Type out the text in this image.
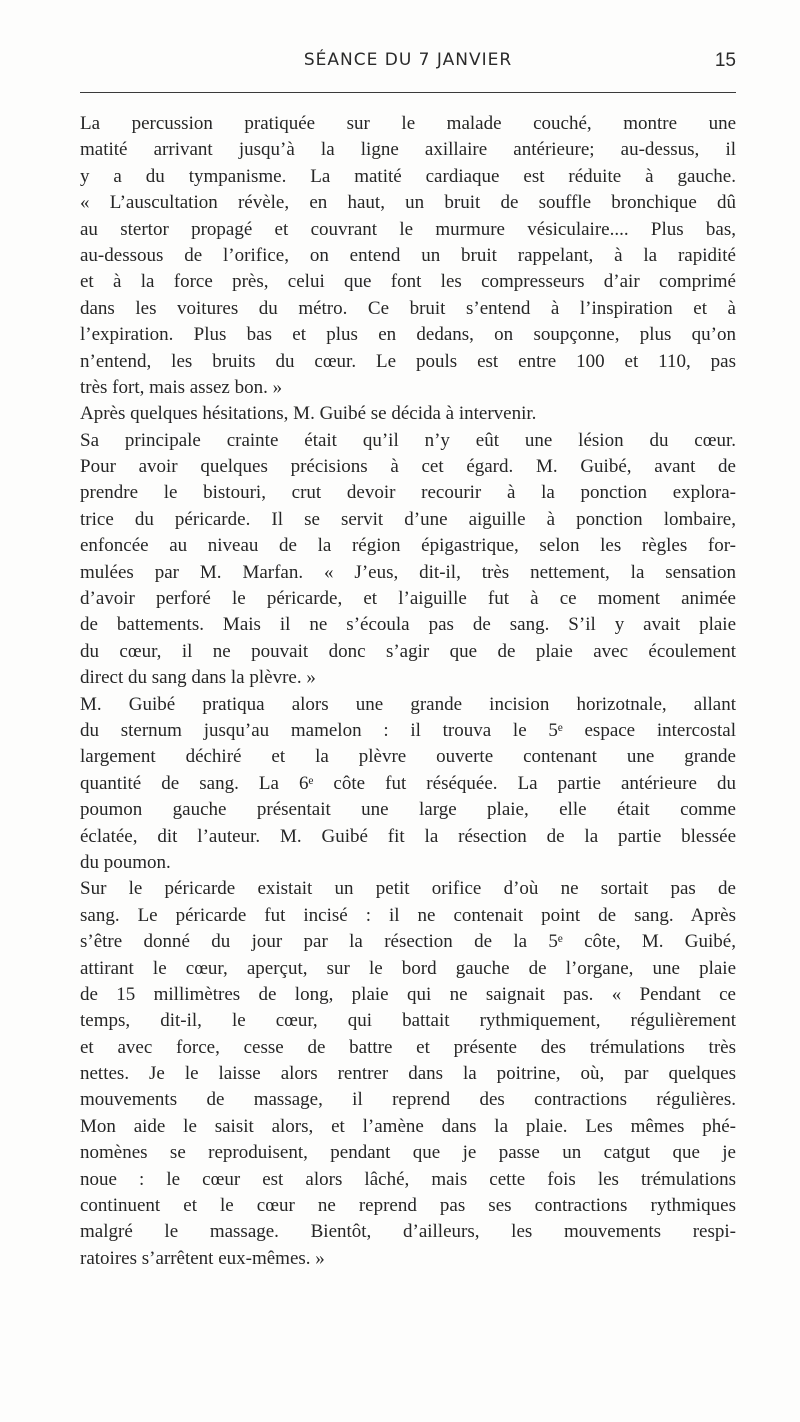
SÉANCE DU 7 JANVIER	15
La percussion pratiquée sur le malade couché, montre une
matité arrivant jusqu’à la ligne axillaire antérieure; au-dessus, il
y a du tympanisme. La matité cardiaque est réduite à gauche.
« L’auscultation révèle, en haut, un bruit de souffle bronchique dû
au stertor propagé et couvrant le murmure vésiculaire.... Plus bas,
au-dessous de l’orifice, on entend un bruit rappelant, à la rapidité
et à la force près, celui que font les compresseurs d’air comprimé
dans les voitures du métro. Ce bruit s’entend à l’inspiration et à
l’expiration. Plus bas et plus en dedans, on soupçonne, plus qu’on
n’entend, les bruits du cœur. Le pouls est entre 100 et 110, pas
très fort, mais assez bon. »
Après quelques hésitations, M. Guibé se décida à intervenir.
Sa principale crainte était qu’il n’y eût une lésion du cœur.
Pour avoir quelques précisions à cet égard. M. Guibé, avant de
prendre le bistouri, crut devoir recourir à la ponction explora-
trice du péricarde. Il se servit d’une aiguille à ponction lombaire,
enfoncée au niveau de la région épigastrique, selon les règles for-
mulées par M. Marfan. « J’eus, dit-il, très nettement, la sensation
d’avoir perforé le péricarde, et l’aiguille fut à ce moment animée
de battements. Mais il ne s’écoula pas de sang. S’il y avait plaie
du cœur, il ne pouvait donc s’agir que de plaie avec écoulement
direct du sang dans la plèvre. »
M. Guibé pratiqua alors une grande incision horizotnale, allant
du sternum jusqu’au mamelon : il trouva le 5ᵉ espace intercostal
largement déchiré et la plèvre ouverte contenant une grande
quantité de sang. La 6ᵉ côte fut réséquée. La partie antérieure du
poumon gauche présentait une large plaie, elle était comme
éclatée, dit l’auteur. M. Guibé fit la résection de la partie blessée
du poumon.
Sur le péricarde existait un petit orifice d’où ne sortait pas de
sang. Le péricarde fut incisé : il ne contenait point de sang. Après
s’être donné du jour par la résection de la 5ᵉ côte, M. Guibé,
attirant le cœur, aperçut, sur le bord gauche de l’organe, une plaie
de 15 millimètres de long, plaie qui ne saignait pas. « Pendant ce
temps, dit-il, le cœur, qui battait rythmiquement, régulièrement
et avec force, cesse de battre et présente des trémulations très
nettes. Je le laisse alors rentrer dans la poitrine, où, par quelques
mouvements de massage, il reprend des contractions régulières.
Mon aide le saisit alors, et l’amène dans la plaie. Les mêmes phé-
nomènes se reproduisent, pendant que je passe un catgut que je
noue : le cœur est alors lâché, mais cette fois les trémulations
continuent et le cœur ne reprend pas ses contractions rythmiques
malgré le massage. Bientôt, d’ailleurs, les mouvements respi-
ratoires s’arrêtent eux-mêmes. »
